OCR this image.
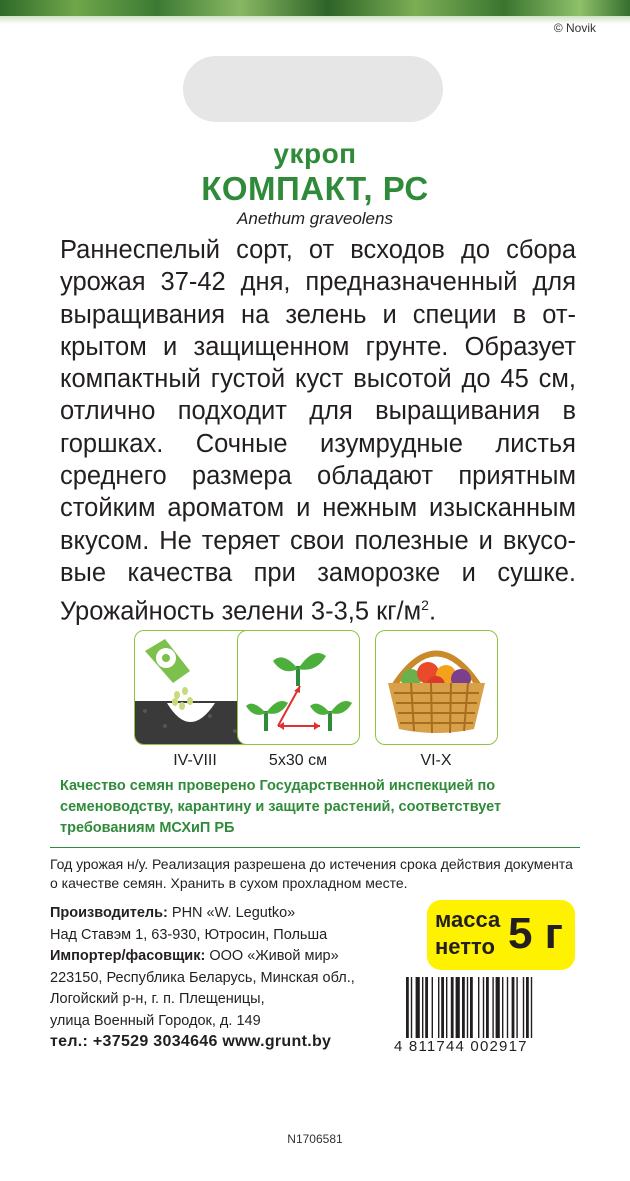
© Novik
укроп
КОМПАКТ, РС
Anethum graveolens
Раннеспелый сорт, от всходов до сбора
урожая 37-42 дня, предназначенный для
выращивания на зелень и специи в от-
крытом и защищенном грунте. Образует
компактный густой куст высотой до 45 см,
отлично подходит для выращивания в
горшках. Сочные изумрудные листья
среднего размера обладают приятным
стойким ароматом и нежным изысканным
вкусом. Не теряет свои полезные и вкусо-
вые качества при заморозке и сушке.
Урожайность зелени 3-3,5 $кг/м^2$.
IV-VIII	5х30 см	VI-X
Качество семян проверено Государственной инспекцией по семеноводству, карантину и защите растений, соответствует требованиям МСХиП РБ
Год урожая н/у. Реализация разрешена до истечения срока действия документа о качестве семян. Хранить в сухом прохладном месте.
Производитель: PHN «W. Legutko»
Над Ставэм 1, 63-930, Ютросин, Польша
Импортер/фасовщик: ООО «Живой мир»
223150, Республика Беларусь, Минская обл.,
Логойский р-н, г. п. Плещеницы,
улица Военный Городок, д. 149
тел.: +37529 3034646 www.grunt.by
масса
нетто 5 г
4 811744 002917
N1706581
